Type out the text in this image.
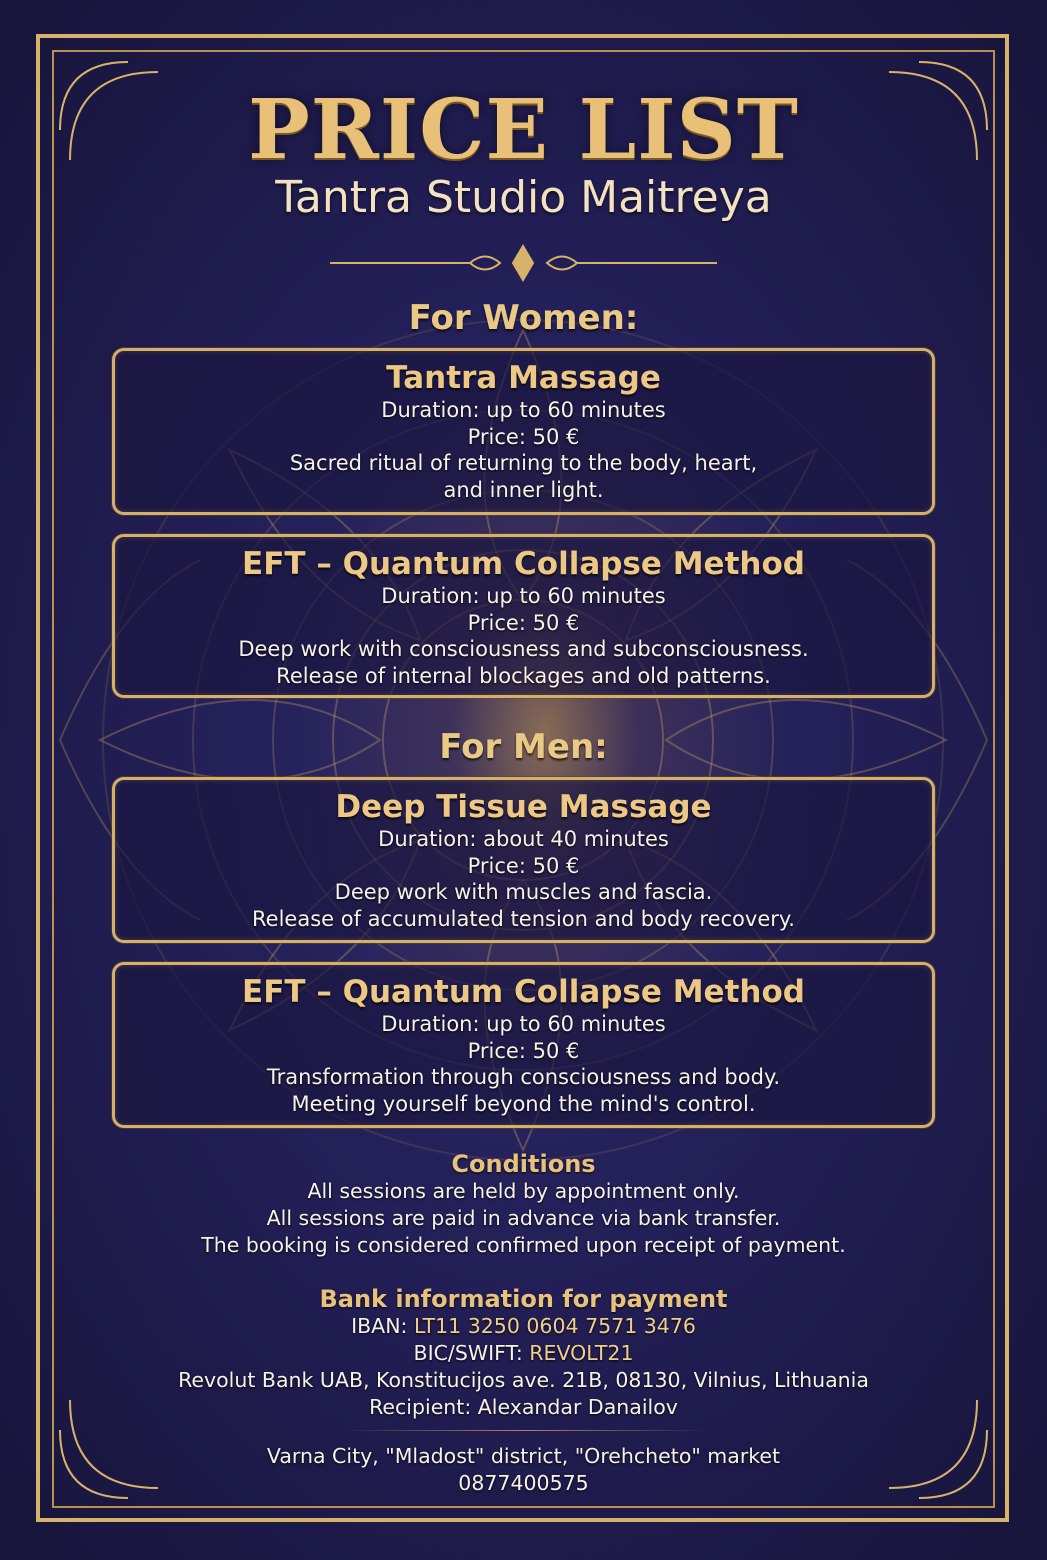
PRICE LIST
Tantra Studio Maitreya
For Women:
Tantra Massage
Duration: up to 60 minutes
Price: 50 €
Sacred ritual of returning to the body, heart,
and inner light.
EFT – Quantum Collapse Method
Duration: up to 60 minutes
Price: 50 €
Deep work with consciousness and subconsciousness.
Release of internal blockages and old patterns.
For Men:
Deep Tissue Massage
Duration: about 40 minutes
Price: 50 €
Deep work with muscles and fascia.
Release of accumulated tension and body recovery.
EFT – Quantum Collapse Method
Duration: up to 60 minutes
Price: 50 €
Transformation through consciousness and body.
Meeting yourself beyond the mind's control.
Conditions
All sessions are held by appointment only.
All sessions are paid in advance via bank transfer.
The booking is considered confirmed upon receipt of payment.
Bank information for payment
IBAN: LT11 3250 0604 7571 3476
BIC/SWIFT: REVOLT21
Revolut Bank UAB, Konstitucijos ave. 21B, 08130, Vilnius, Lithuania
Recipient: Alexandar Danailov
Varna City, "Mladost" district, "Orehcheto" market
0877400575
